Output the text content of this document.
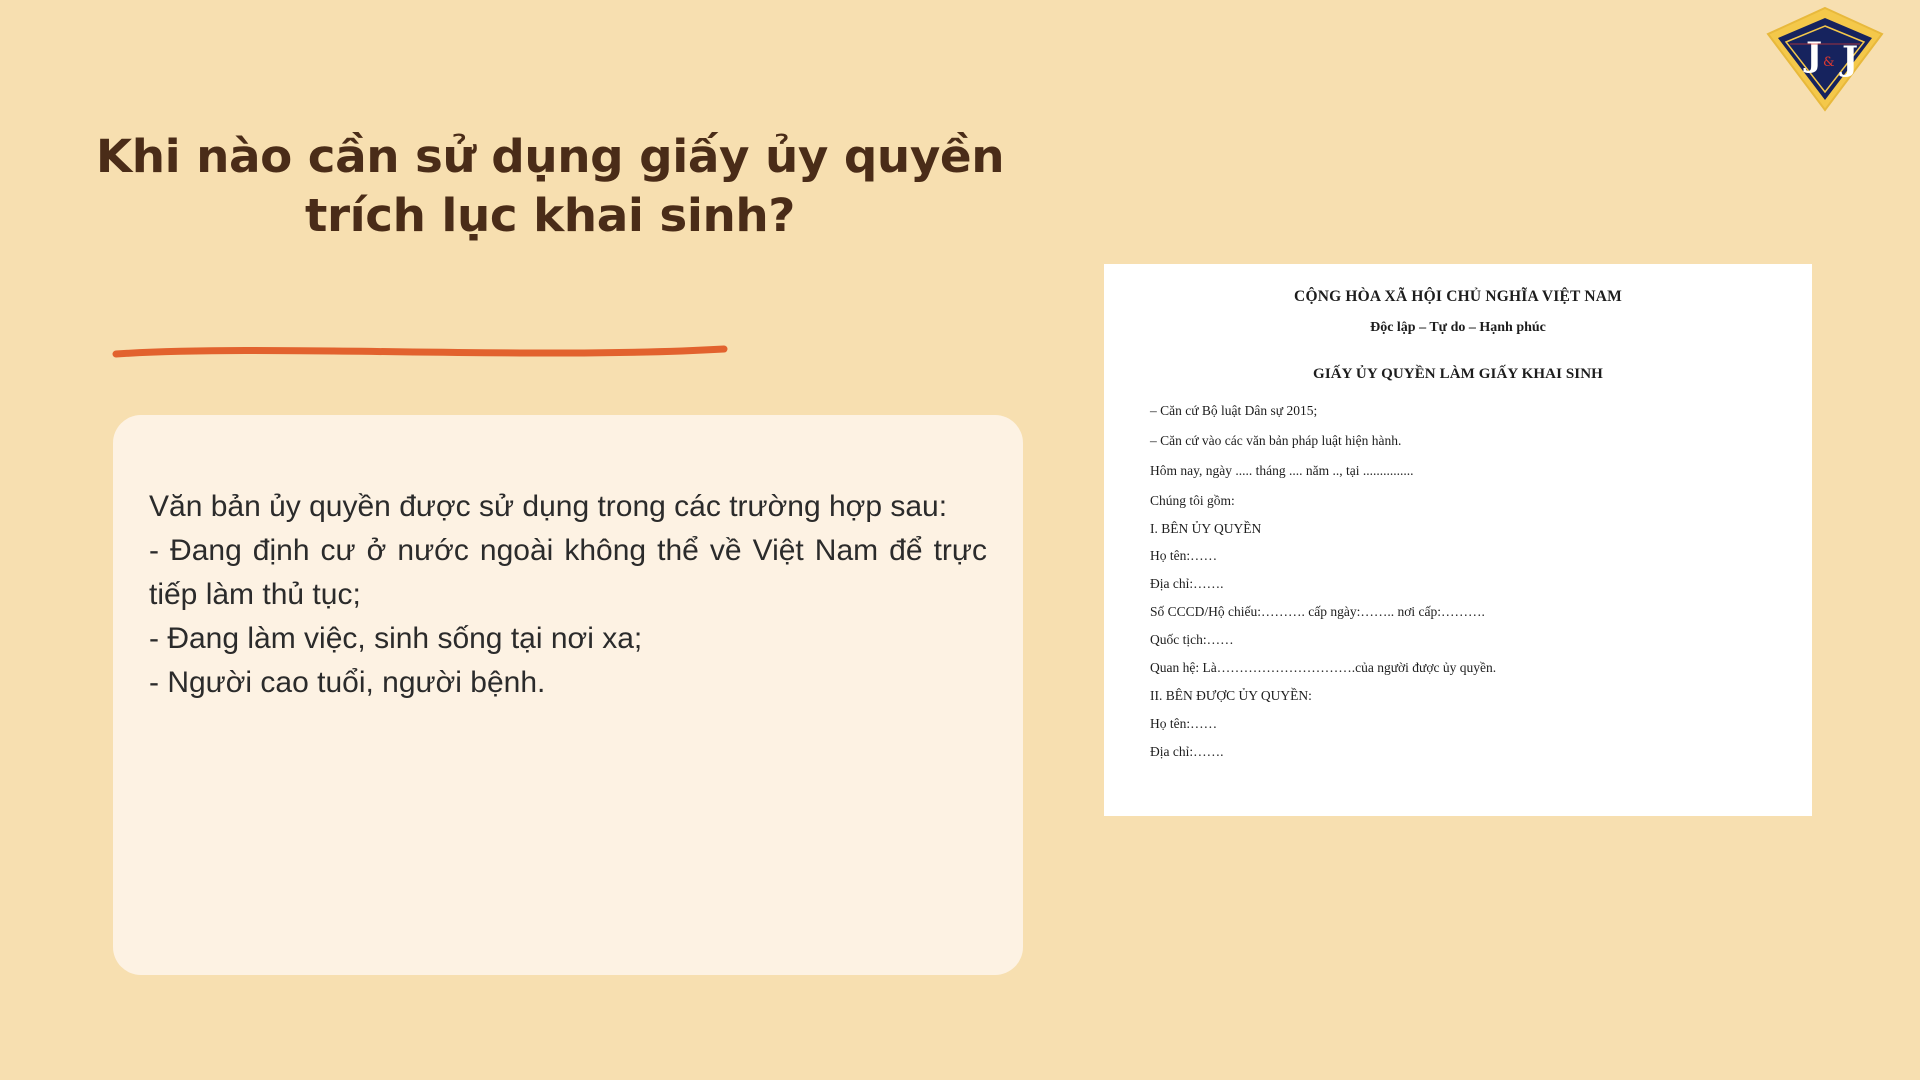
J J
&
Khi nào cần sử dụng giấy ủy quyền trích lục khai sinh?

Văn bản ủy quyền được sử dụng trong các trường hợp sau:

- Đang định cư ở nước ngoài không thể về Việt Nam để trực tiếp làm thủ tục;

- Đang làm việc, sinh sống tại nơi xa;

- Người cao tuổi, người bệnh.

CỘNG HÒA XÃ HỘI CHỦ NGHĨA VIỆT NAM
Độc lập – Tự do – Hạnh phúc
GIẤY ỦY QUYỀN LÀM GIẤY KHAI SINH
– Căn cứ Bộ luật Dân sự 2015;
– Căn cứ vào các văn bản pháp luật hiện hành.
Hôm nay, ngày ..... tháng .... năm .., tại ...............
Chúng tôi gồm:
I. BÊN ỦY QUYỀN
Họ tên:……
Địa chỉ:…….
Số CCCD/Hộ chiếu:………. cấp ngày:…….. nơi cấp:……….
Quốc tịch:……
Quan hệ: Là………………………….của người được ủy quyền.
II. BÊN ĐƯỢC ỦY QUYỀN:
Họ tên:……
Địa chỉ:…….
